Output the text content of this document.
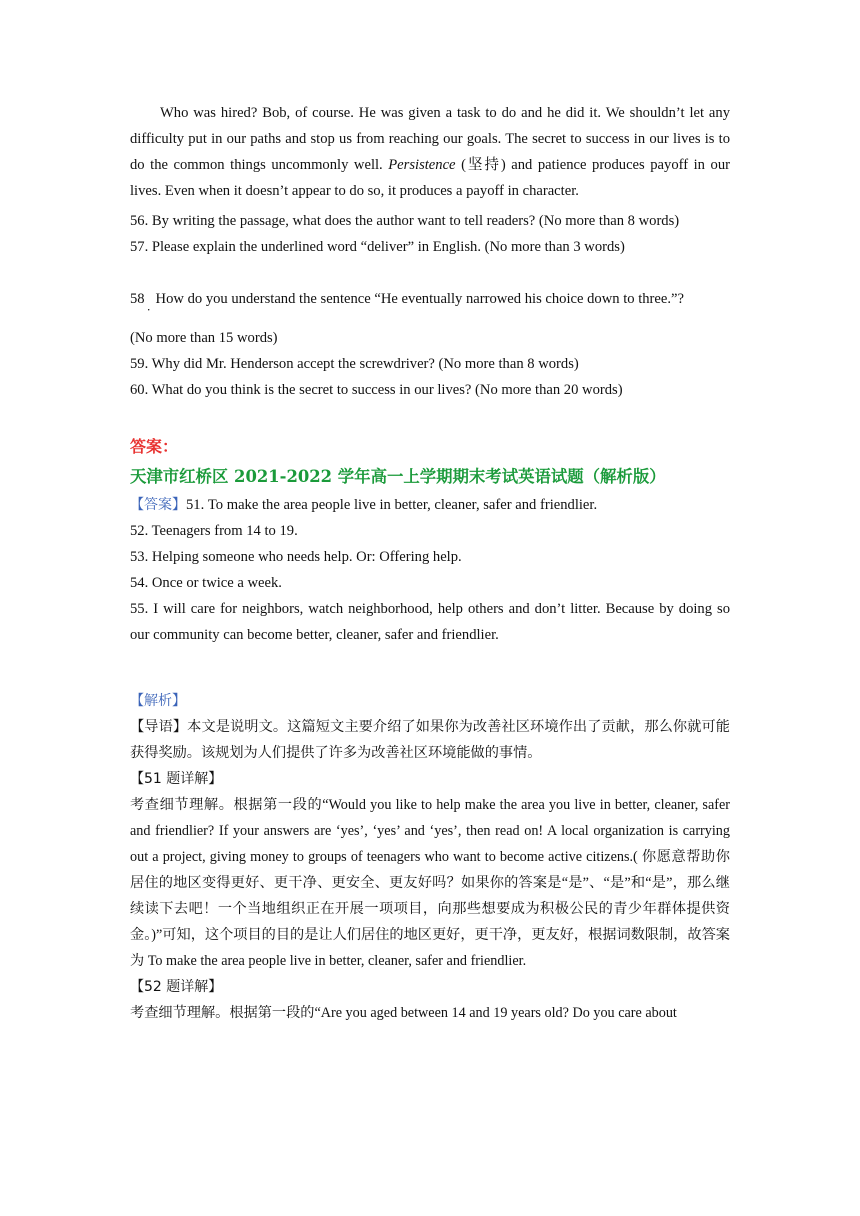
Who was hired? Bob, of course. He was given a task to do and he did it. We shouldn’t let any difficulty put in our paths and stop us from reaching our goals. The secret to success in our lives is to do the common things uncommonly well. Persistence (坚持) and patience produces payoff in our lives. Even when it doesn’t appear to do so, it produces a payoff in character.

56. By writing the passage, what does the author want to tell readers? (No more than 8 words)

57. Please explain the underlined word “deliver” in English. (No more than 3 words)

58 How do you understand the sentence “He eventually narrowed his choice down to three.”?

．

(No more than 15 words)

59. Why did Mr. Henderson accept the screwdriver? (No more than 8 words)

60. What do you think is the secret to success in our lives? (No more than 20 words)

答案：
天津市红桥区 2021-2022 学年高一上学期期末考试英语试题（解析版）

【答案】51. To make the area people live in better, cleaner, safer and friendlier.

52. Teenagers from 14 to 19.

53. Helping someone who needs help. Or: Offering help.

54. Once or twice a week.

55. I will care for neighbors, watch neighborhood, help others and don’t litter. Because by doing so our community can become better, cleaner, safer and friendlier.

【解析】

【导语】本文是说明文。这篇短文主要介绍了如果你为改善社区环境作出了贡献，那么你就可能获得奖励。该规划为人们提供了许多为改善社区环境能做的事情。

【51 题详解】

考查细节理解。根据第一段的“Would you like to help make the area you live in better, cleaner, safer and friendlier? If your answers are ‘yes’, ‘yes’ and ‘yes’, then read on! A local organization is carrying out a project, giving money to groups of teenagers who want to become active citizens.( 你愿意帮助你居住的地区变得更好、更干净、更安全、更友好吗？如果你的答案是“是”、“是”和“是”，那么继续读下去吧！一个当地组织正在开展一项项目，向那些想要成为积极公民的青少年群体提供资金。)”可知，这个项目的目的是让人们居住的地区更好，更干净，更友好，根据词数限制，故答案为 To make the area people live in better, cleaner, safer and friendlier.

【52 题详解】

考查细节理解。根据第一段的“Are you aged between 14 and 19 years old? Do you care about
